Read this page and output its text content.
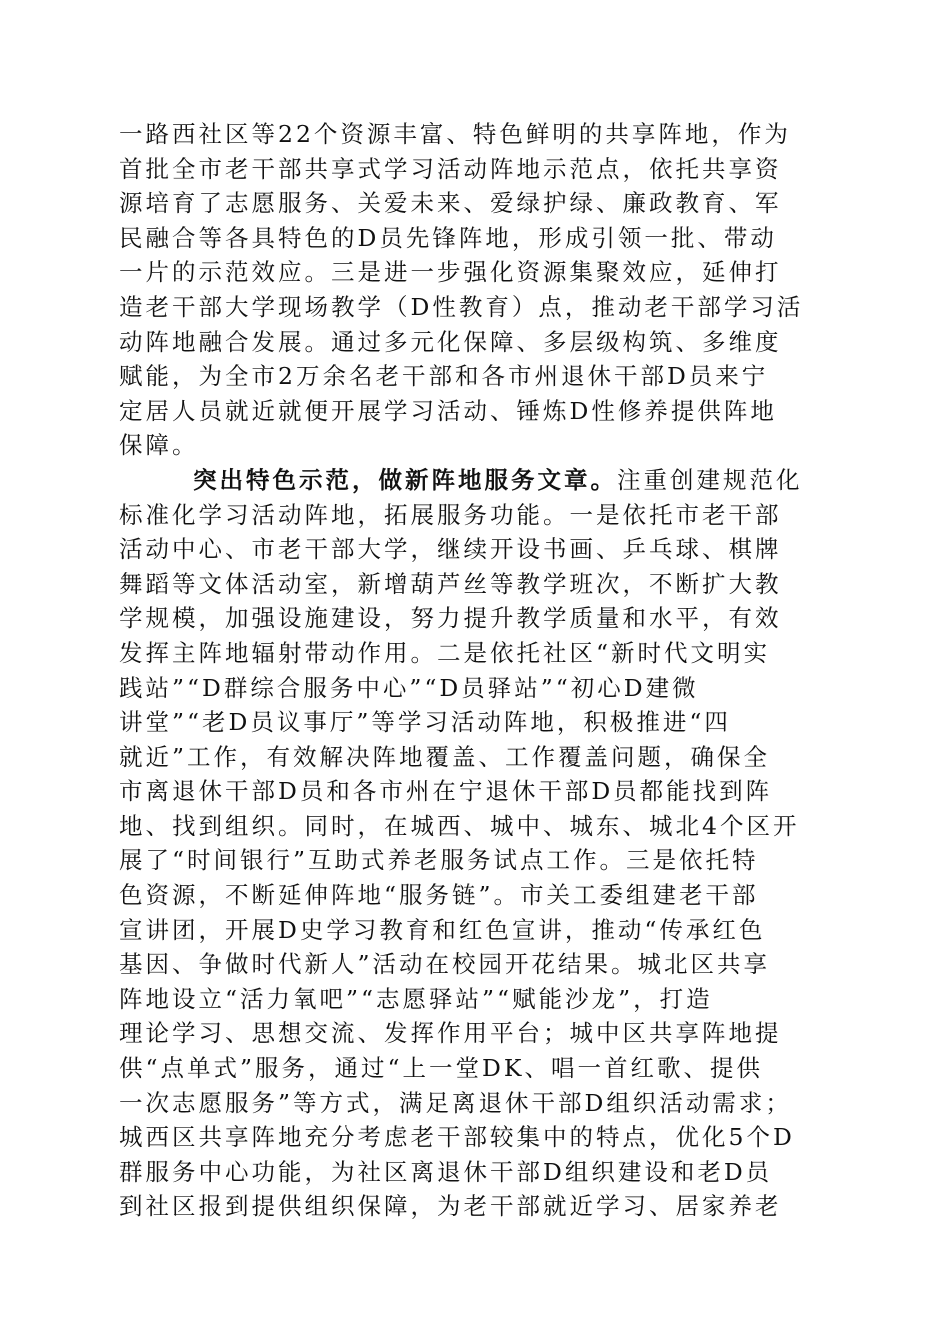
一路西社区等22个资源丰富、特色鲜明的共享阵地，作为
首批全市老干部共享式学习活动阵地示范点，依托共享资
源培育了志愿服务、关爱未来、爱绿护绿、廉政教育、军
民融合等各具特色的D员先锋阵地，形成引领一批、带动
一片的示范效应。三是进一步强化资源集聚效应，延伸打
造老干部大学现场教学（D性教育）点，推动老干部学习活
动阵地融合发展。通过多元化保障、多层级构筑、多维度
赋能，为全市2万余名老干部和各市州退休干部D员来宁
定居人员就近就便开展学习活动、锤炼D性修养提供阵地
保障。
突出特色示范，做新阵地服务文章。注重创建规范化
标准化学习活动阵地，拓展服务功能。一是依托市老干部
活动中心、市老干部大学，继续开设书画、乒乓球、棋牌
舞蹈等文体活动室，新增葫芦丝等教学班次，不断扩大教
学规模，加强设施建设，努力提升教学质量和水平，有效
发挥主阵地辐射带动作用。二是依托社区“新时代文明实
践站”“D群综合服务中心”“D员驿站”“初心D建微
讲堂”“老D员议事厅”等学习活动阵地，积极推进“四
就近”工作，有效解决阵地覆盖、工作覆盖问题，确保全
市离退休干部D员和各市州在宁退休干部D员都能找到阵
地、找到组织。同时，在城西、城中、城东、城北4个区开
展了“时间银行”互助式养老服务试点工作。三是依托特
色资源，不断延伸阵地“服务链”。市关工委组建老干部
宣讲团，开展D史学习教育和红色宣讲，推动“传承红色
基因、争做时代新人”活动在校园开花结果。城北区共享
阵地设立“活力氧吧”“志愿驿站”“赋能沙龙”，打造
理论学习、思想交流、发挥作用平台；城中区共享阵地提
供“点单式”服务，通过“上一堂DK、唱一首红歌、提供
一次志愿服务”等方式，满足离退休干部D组织活动需求；
城西区共享阵地充分考虑老干部较集中的特点，优化5个D
群服务中心功能，为社区离退休干部D组织建设和老D员
到社区报到提供组织保障，为老干部就近学习、居家养老
